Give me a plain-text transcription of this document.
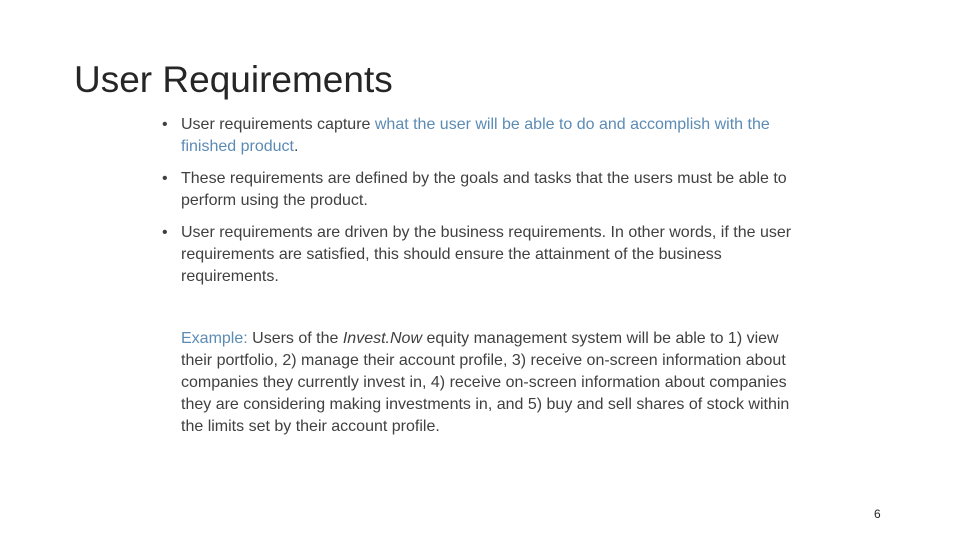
User Requirements
• User requirements capture what the user will be able to do and accomplish with the finished product.
• These requirements are defined by the goals and tasks that the users must be able to perform using the product.
• User requirements are driven by the business requirements. In other words, if the user requirements are satisfied, this should ensure the attainment of the business requirements.

Example: Users of the Invest.Now equity management system will be able to 1) view their portfolio, 2) manage their account profile, 3) receive on-screen information about companies they currently invest in, 4) receive on-screen information about companies they are considering making investments in, and 5) buy and sell shares of stock within the limits set by their account profile.

6
